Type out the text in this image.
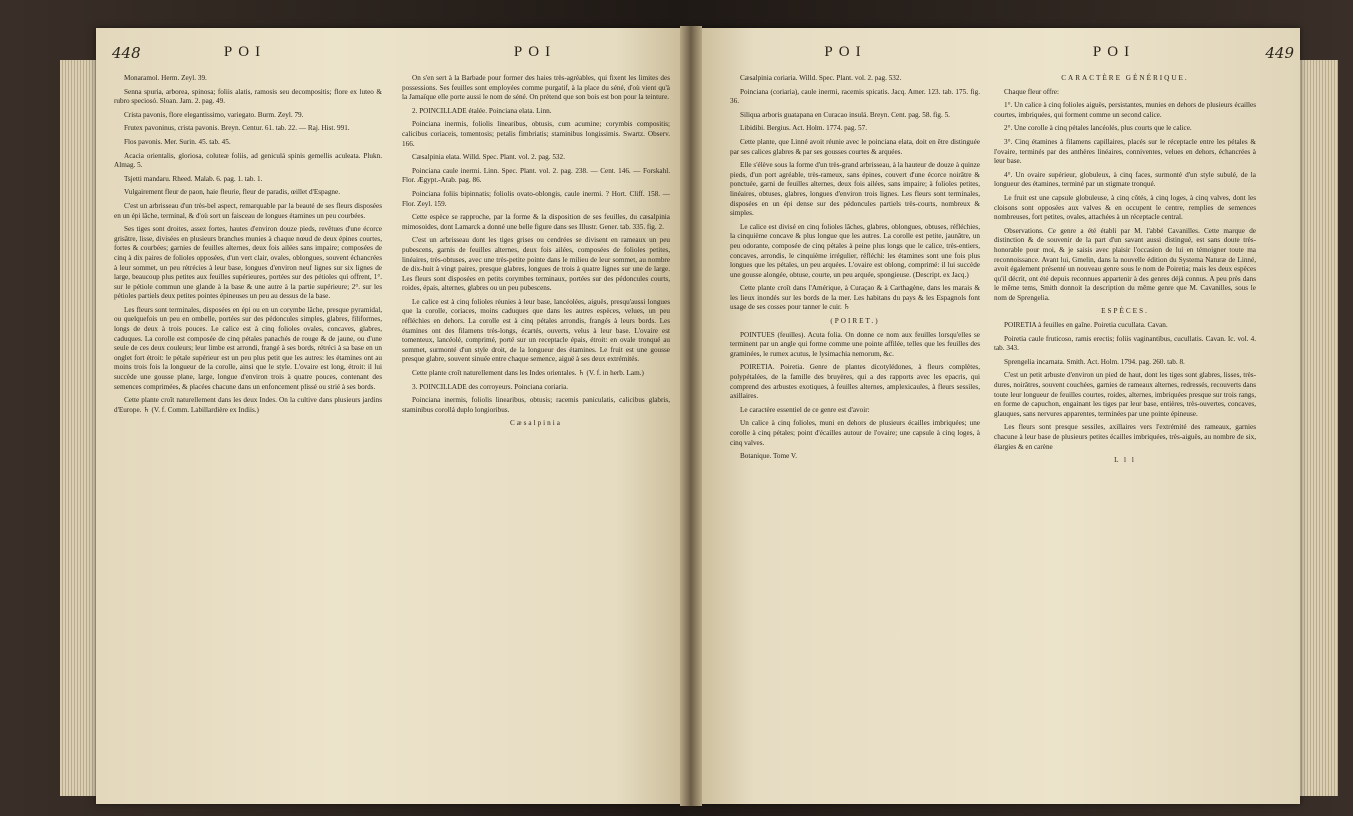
448	POI

Monaramol. Herm. Zeyl. 39.

Senna spuria, arborea, spinosa; foliis alatis, ramosis seu decompositis; flore ex luteo & rubro speciosó. Sloan. Jam. 2. pag. 49.

Crista pavonis, flore elegantissimo, variegato. Burm. Zeyl. 79.

Frutex pavoninus, crista pavonis. Breyn. Centur. 61. tab. 22. — Raj. Hist. 991.

Flos pavonis. Mer. Surin. 45. tab. 45.

Acacia orientalis, gloriosa, coluteæ foliis, ad geniculá spinis gemellis aculeata. Plukn. Almag. 5.

Tsjetti mandaru. Rheed. Malab. 6. pag. 1. tab. 1.

Vulgairement fleur de paon, haie fleurie, fleur de paradis, œillet d'Espagne.

C'est un arbrisseau d'un très-bel aspect, remarquable par la beauté de ses fleurs disposées en un épi lâche, terminal, & d'où sort un faisceau de longues étamines un peu courbées.

Ses tiges sont droites, assez fortes, hautes d'environ douze pieds, revêtues d'une écorce grisâtre, lisse, divisées en plusieurs branches munies à chaque nœud de deux épines courtes, fortes & courbées; garnies de feuilles alternes, deux fois ailées sans impaire; composées de cinq à dix paires de folioles opposées, d'un vert clair, ovales, oblongues, souvent échancrées à leur sommet, un peu rétrécies à leur base, longues d'environ neuf lignes sur six lignes de large, beaucoup plus petites aux feuilles supérieures, portées sur des pétioles qui offrent, 1°. sur le pétiole commun une glande à la base & une autre à la partie supérieure; 2°. sur les pétioles partiels deux petites pointes épineuses un peu au dessus de la base.

Les fleurs sont terminales, disposées en épi ou en un corymbe lâche, presque pyramidal, ou quelquefois un peu en ombelle, portées sur des pédoncules simples, glabres, filiformes, longs de deux à trois pouces. Le calice est à cinq folioles ovales, concaves, glabres, caduques. La corolle est composée de cinq pétales panachés de rouge & de jaune, ou d'une seule de ces deux couleurs; leur limbe est arrondi, frangé à ses bords, rétréci à sa base en un onglet fort étroit: le pétale supérieur est un peu plus petit que les autres: les étamines ont au moins trois fois la longueur de la corolle, ainsi que le style. L'ovaire est long, étroit: il lui succède une gousse plane, large, longue d'environ trois à quatre pouces, contenant des semences comprimées, & placées chacune dans un enfoncement plissé ou strié à ses bords.

Cette plante croît naturellement dans les deux Indes. On la cultive dans plusieurs jardins d'Europe. ♄ (V. f. Comm. Labillardière ex Indiis.)

POI

On s'en sert à la Barbade pour former des haies très-agréables, qui fixent les limites des possessions. Ses feuilles sont employées comme purgatif, à la place du séné, d'où vient qu'à la Jamaïque elle porte aussi le nom de séné. On prétend que son bois est bon pour la teinture.

2. POINCILLADE étalée. Poinciana elata. Linn.

Poinciana inermis, foliolis linearibus, obtusis, cum acumine; corymbis compositis; calicibus coriaceis, tomentosis; petalis fimbriatis; staminibus longissimis. Swartz. Observ. 166.

Cæsalpinia elata. Willd. Spec. Plant. vol. 2. pag. 532.

Poinciana caule inermi. Linn. Spec. Plant. vol. 2. pag. 238. — Cent. 146. — Forskahl. Flor. Ægypt.-Arab. pag. 86.

Poinciana foliis bipinnatis; foliolis ovato-oblongis, caule inermi. ? Hort. Cliff. 158. — Flor. Zeyl. 159.

Cette espèce se rapproche, par la forme & la disposition de ses feuilles, du cæsalpinia mimosoides, dont Lamarck a donné une belle figure dans ses Illustr. Gener. tab. 335. fig. 2.

C'est un arbrisseau dont les tiges grises ou cendrées se divisent en rameaux un peu pubescens, garnis de feuilles alternes, deux fois ailées, composées de folioles petites, linéaires, très-obtuses, avec une très-petite pointe dans le milieu de leur sommet, au nombre de dix-huit à vingt paires, presque glabres, longues de trois à quatre lignes sur une de large. Les fleurs sont disposées en petits corymbes terminaux, portées sur des pédoncules courts, roides, épais, alternes, glabres ou un peu pubescens.

Le calice est à cinq folioles réunies à leur base, lancéolées, aiguës, presqu'aussi longues que la corolle, coriaces, moins caduques que dans les autres espèces, velues, un peu réfléchies en dehors. La corolle est à cinq pétales arrondis, frangés à leurs bords. Les étamines ont des filamens très-longs, écartés, ouverts, velus à leur base. L'ovaire est tomenteux, lancéolé, comprimé, porté sur un receptacle épais, étroit: en ovale tronqué au sommet, surmonté d'un style droit, de la longueur des étamines. Le fruit est une gousse presque glabre, souvent sinuée entre chaque semence, aiguë à ses deux extrémités.

Cette plante croît naturellement dans les Indes orientales. ♄ (V. f. in herb. Lam.)

3. POINCILLADE des corroyeurs. Poinciana coriaria.

Poinciana inermis, foliolis linearibus, obtusis; racemis paniculatis, calicibus glabris, staminibus corollá duplo longioribus.

Cæsalpinia

POI

Cæsalpinia coriaria. Willd. Spec. Plant. vol. 2. pag. 532.

Poinciana (coriaria), caule inermi, racemis spicatis. Jacq. Amer. 123. tab. 175. fig. 36.

Siliqua arboris guatapana en Curacao insulá. Breyn. Cent. pag. 58. fig. 5.

Libidibi. Bergius. Act. Holm. 1774. pag. 57.

Cette plante, que Linné avoit réunie avec le poinciana elata, doit en être distinguée par ses calices glabres & par ses gousses courtes & arquées.

Elle s'élève sous la forme d'un très-grand arbrisseau, à la hauteur de douze à quinze pieds, d'un port agréable, très-rameux, sans épines, couvert d'une écorce noirâtre & ponctuée, garni de feuilles alternes, deux fois ailées, sans impaire; à folioles petites, linéaires, obtuses, glabres, longues d'environ trois lignes. Les fleurs sont terminales, disposées en un épi dense sur des pédoncules partiels très-courts, nombreux & simples.

Le calice est divisé en cinq folioles lâches, glabres, oblongues, obtuses, réfléchies, la cinquième concave & plus longue que les autres. La corolle est petite, jaunâtre, un peu odorante, composée de cinq pétales à peine plus longs que le calice, très-entiers, concaves, arrondis, le cinquième irrégulier, réfléchi: les étamines sont une fois plus longues que les pétales, un peu arquées. L'ovaire est oblong, comprimé: il lui succède une gousse alongée, obtuse, courte, un peu arquée, spongieuse. (Descript. ex Jacq.)

Cette plante croît dans l'Amérique, à Curaçao & à Carthagène, dans les marais & les lieux inondés sur les bords de la mer. Les habitans du pays & les Espagnols font usage de ses cosses pour tanner le cuir. ♄

(POIRET.)

POINTUES (feuilles). Acuta folia. On donne ce nom aux feuilles lorsqu'elles se terminent par un angle qui forme comme une pointe affilée, telles que les feuilles des graminées, le rumex acutus, le lysimachia nemorum, &c.

POIRETIA. Poiretia. Genre de plantes dicotylédones, à fleurs complètes, polypétalées, de la famille des bruyères, qui a des rapports avec les epacris, qui comprend des arbustes exotiques, à feuilles alternes, amplexicaules, à fleurs sessiles, axillaires.

Le caractère essentiel de ce genre est d'avoir:

Un calice à cinq folioles, muni en dehors de plusieurs écailles imbriquées; une corolle à cinq pétales; point d'écailles autour de l'ovaire; une capsule à cinq loges, à cinq valves.

Botanique. Tome V.

POI	449

CARACTÈRE GÉNÉRIQUE.

Chaque fleur offre:

1°. Un calice à cinq folioles aiguës, persistantes, munies en dehors de plusieurs écailles courtes, imbriquées, qui forment comme un second calice.

2°. Une corolle à cinq pétales lancéolés, plus courts que le calice.

3°. Cinq étamines à filamens capillaires, placés sur le réceptacle entre les pétales & l'ovaire, terminés par des anthères linéaires, conniventes, velues en dehors, échancrées à leur base.

4°. Un ovaire supérieur, globuleux, à cinq faces, surmonté d'un style subulé, de la longueur des étamines, terminé par un stigmate tronqué.

Le fruit est une capsule globuleuse, à cinq côtés, à cinq loges, à cinq valves, dont les cloisons sont opposées aux valves & en occupent le centre, remplies de semences nombreuses, fort petites, ovales, attachées à un réceptacle central.

Observations. Ce genre a été établi par M. l'abbé Cavanilles. Cette marque de distinction & de souvenir de la part d'un savant aussi distingué, est sans doute très-honorable pour moi, & je saisis avec plaisir l'occasion de lui en témoigner toute ma reconnoissance. Avant lui, Gmelin, dans la nouvelle édition du Systema Naturæ de Linné, avoit également présenté un nouveau genre sous le nom de Poiretia; mais les deux espèces qu'il décrit, ont été depuis reconnues appartenir à des genres déjà connus. A peu près dans le même tems, Smith donnoit la description du même genre que M. Cavanilles, sous le nom de Sprengelia.

ESPÈCES.

POIRETIA à feuilles en gaîne. Poiretia cucullata. Cavan.

Poiretia caule fruticoso, ramis erectis; foliis vaginantibus, cucullatis. Cavan. Ic. vol. 4. tab. 343.

Sprengelia incarnata. Smith. Act. Holm. 1794. pag. 260. tab. 8.

C'est un petit arbuste d'environ un pied de haut, dont les tiges sont glabres, lisses, très-dures, noirâtres, souvent couchées, garnies de rameaux alternes, redressés, recouverts dans toute leur longueur de feuilles courtes, roides, alternes, imbriquées presque sur trois rangs, en forme de capuchon, engainant les tiges par leur base, entières, très-ouvertes, concaves, glauques, sans nervures apparentes, terminées par une pointe épineuse.

Les fleurs sont presque sessiles, axillaires vers l'extrémité des rameaux, garnies chacune à leur base de plusieurs petites écailles imbriquées, très-aiguës, au nombre de six, élargies & en carène

L l l
